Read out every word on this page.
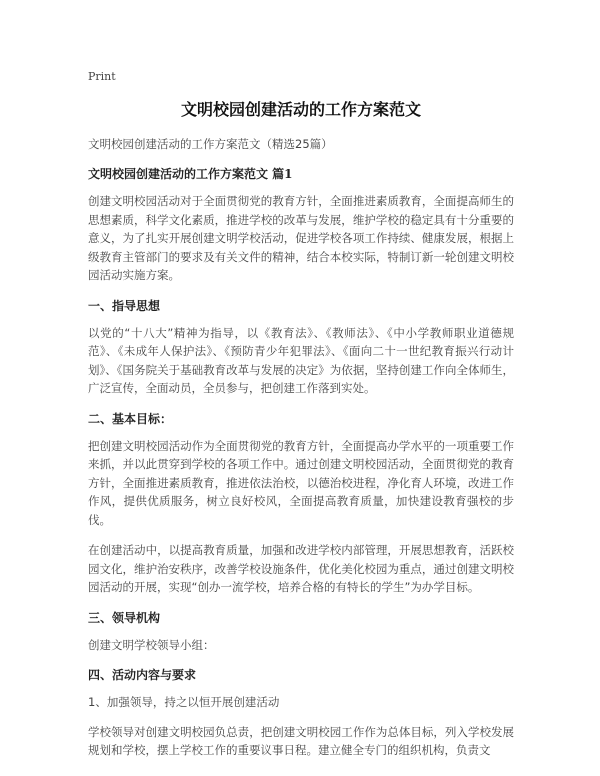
Print
文明校园创建活动的工作方案范文
文明校园创建活动的工作方案范文（精选25篇）
文明校园创建活动的工作方案范文 篇1
创建文明校园活动对于全面贯彻党的教育方针，全面推进素质教育，全面提高师生的思想素质，科学文化素质，推进学校的改革与发展，维护学校的稳定具有十分重要的意义，为了扎实开展创建文明学校活动，促进学校各项工作持续、健康发展，根据上级教育主管部门的要求及有关文件的精神，结合本校实际，特制订新一轮创建文明校园活动实施方案。
一、指导思想
以党的“十八大”精神为指导，以《教育法》、《教师法》、《中小学教师职业道德规范》、《未成年人保护法》、《预防青少年犯罪法》、《面向二十一世纪教育振兴行动计划》、《国务院关于基础教育改革与发展的决定》为依据，坚持创建工作向全体师生，广泛宣传，全面动员，全员参与，把创建工作落到实处。
二、基本目标：
把创建文明校园活动作为全面贯彻党的教育方针，全面提高办学水平的一项重要工作来抓，并以此贯穿到学校的各项工作中。通过创建文明校园活动，全面贯彻党的教育方针，全面推进素质教育，推进依法治校，以德治校进程，净化育人环境，改进工作作风，提供优质服务，树立良好校风，全面提高教育质量，加快建设教育强校的步伐。
在创建活动中，以提高教育质量，加强和改进学校内部管理，开展思想教育，活跃校园文化，维护治安秩序，改善学校设施条件，优化美化校园为重点，通过创建文明校园活动的开展，实现“创办一流学校，培养合格的有特长的学生”为办学目标。
三、领导机构
创建文明学校领导小组：
四、活动内容与要求
1、加强领导，持之以恒开展创建活动
学校领导对创建文明校园负总责，把创建文明校园工作作为总体目标，列入学校发展规划和学校，摆上学校工作的重要议事日程。建立健全专门的组织机构，负责文
